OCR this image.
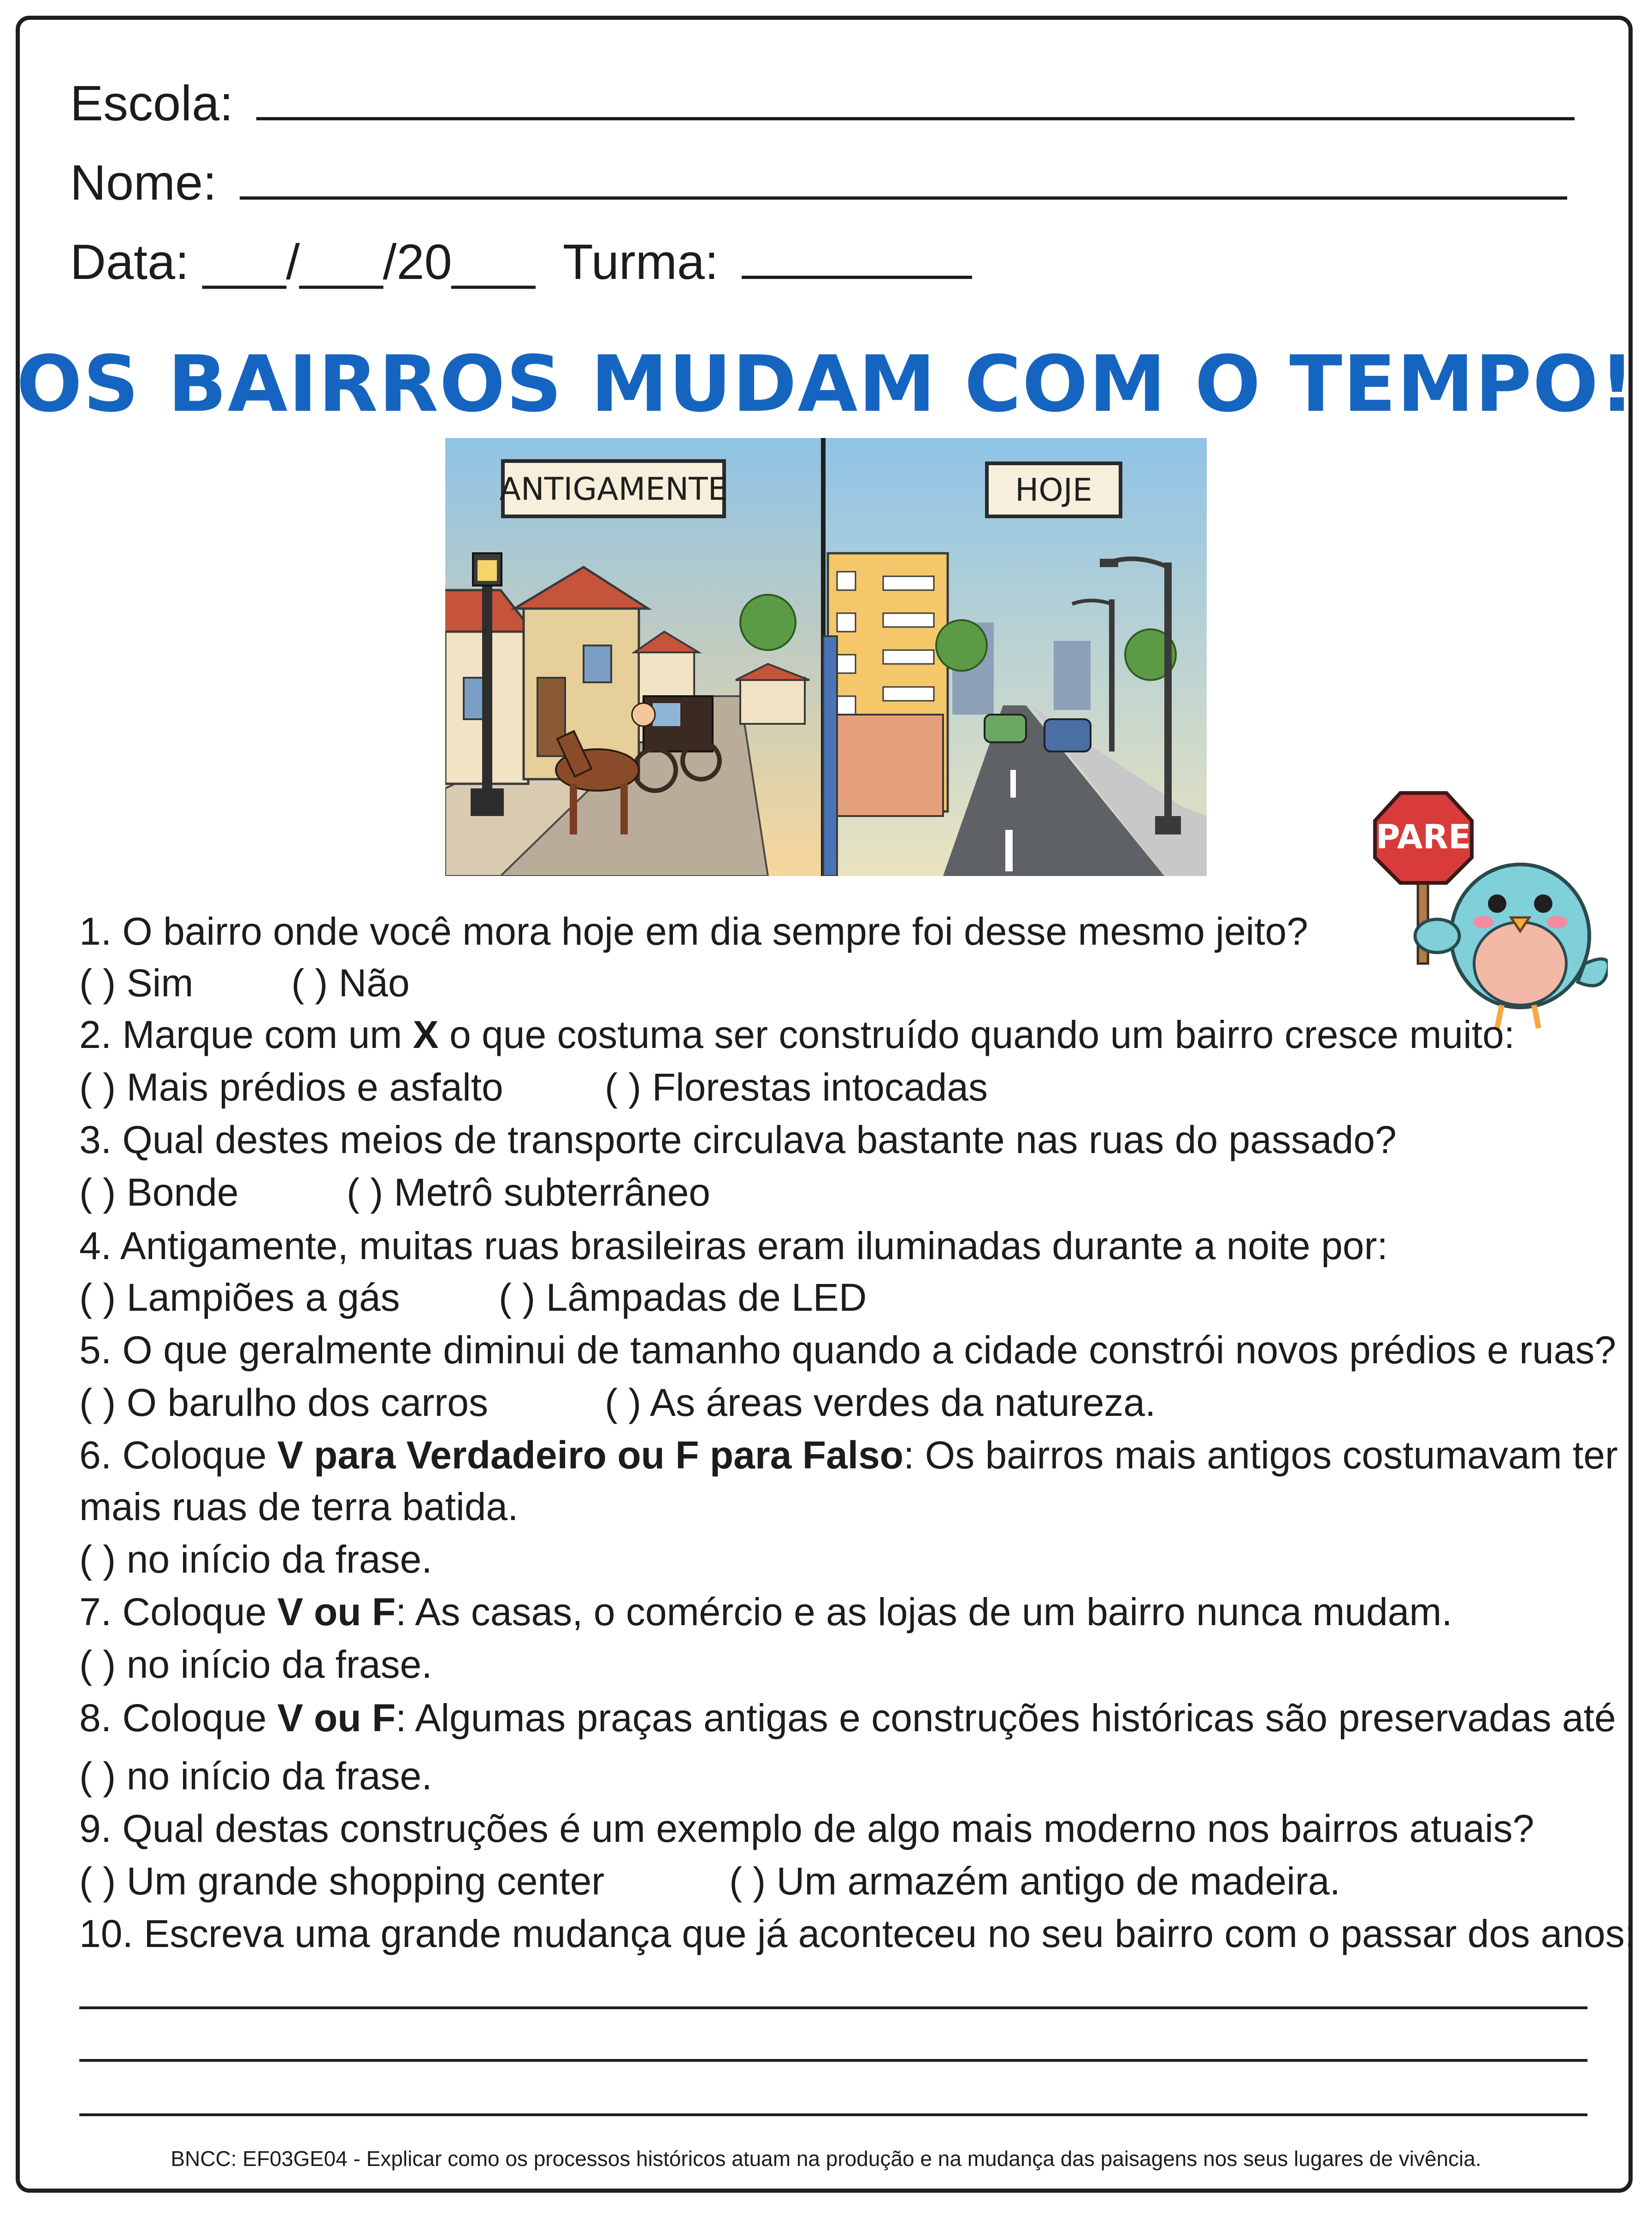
Escola:
Nome:
Data: ___/___/20___ Turma:
OS BAIRROS MUDAM COM O TEMPO!
ANTIGAMENTE	HOJE
PARE
1. O bairro onde você mora hoje em dia sempre foi desse mesmo jeito?
( ) Sim	( ) Não
2. Marque com um X o que costuma ser construído quando um bairro cresce muito:
( ) Mais prédios e asfalto	( ) Florestas intocadas
3. Qual destes meios de transporte circulava bastante nas ruas do passado?
( ) Bonde	( ) Metrô subterrâneo
4. Antigamente, muitas ruas brasileiras eram iluminadas durante a noite por:
( ) Lampiões a gás	( ) Lâmpadas de LED
5. O que geralmente diminui de tamanho quando a cidade constrói novos prédios e ruas?
( ) O barulho dos carros	( ) As áreas verdes da natureza.
6. Coloque V para Verdadeiro ou F para Falso: Os bairros mais antigos costumavam ter
mais ruas de terra batida.
( ) no início da frase.
7. Coloque V ou F: As casas, o comércio e as lojas de um bairro nunca mudam.
( ) no início da frase.
8. Coloque V ou F: Algumas praças antigas e construções históricas são preservadas até
( ) no início da frase.
9. Qual destas construções é um exemplo de algo mais moderno nos bairros atuais?
( ) Um grande shopping center	( ) Um armazém antigo de madeira.
10. Escreva uma grande mudança que já aconteceu no seu bairro com o passar dos anos:
BNCC: EF03GE04 - Explicar como os processos históricos atuam na produção e na mudança das paisagens nos seus lugares de vivência.
